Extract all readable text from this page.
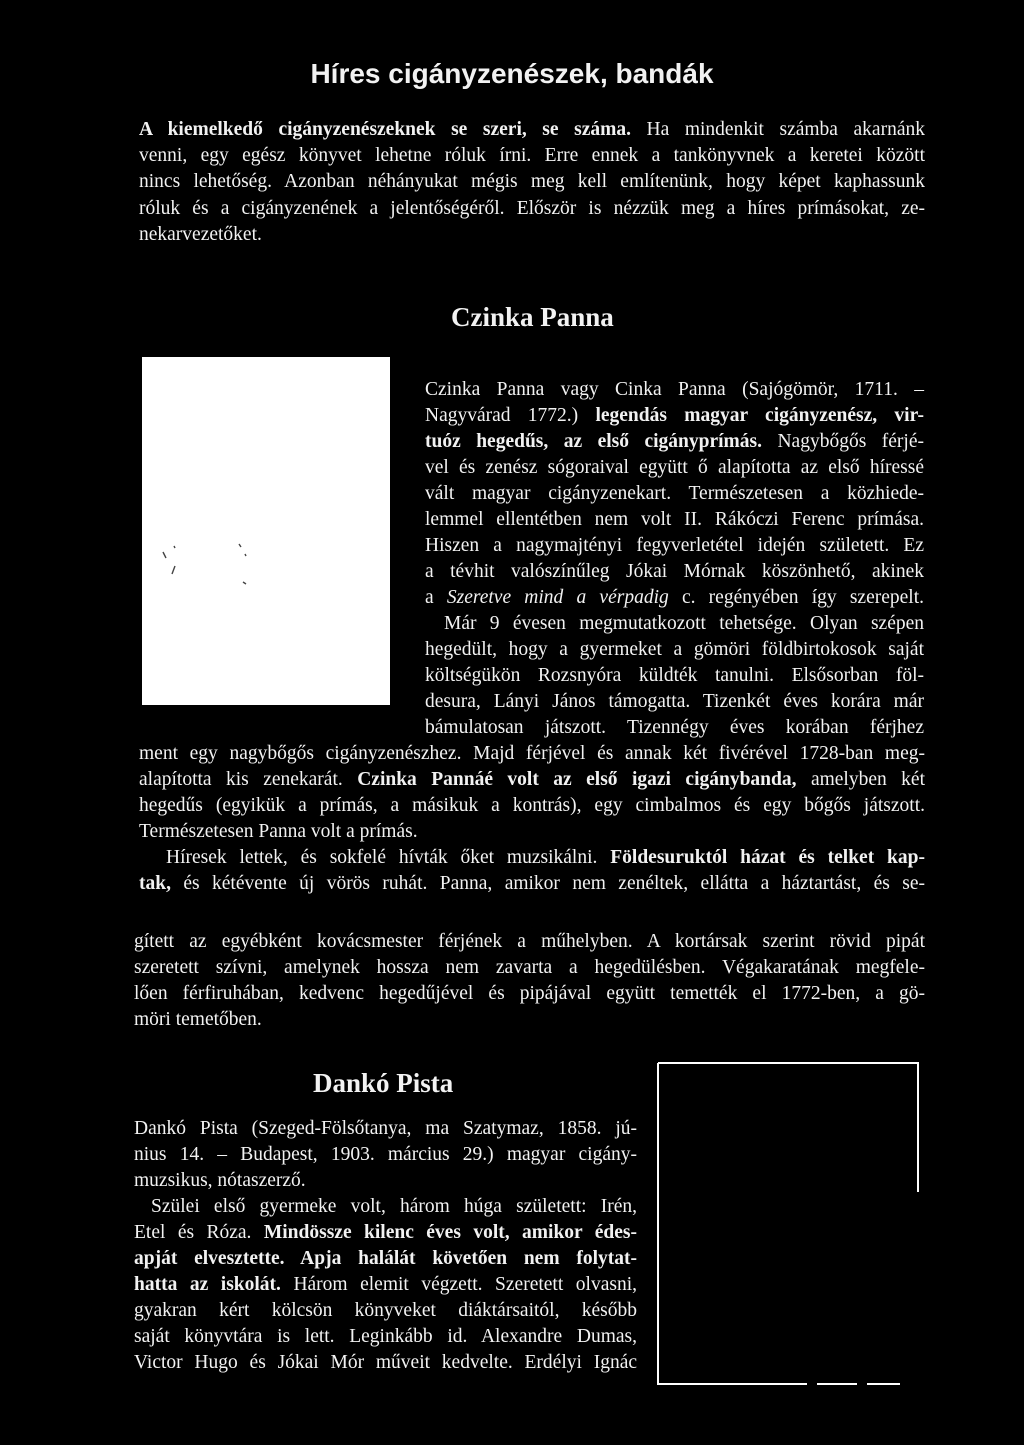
Híres cigányzenészek, bandák
A kiemelkedő cigányzenészeknek se szeri, se száma. Ha mindenkit számba akarnánk
venni, egy egész könyvet lehetne róluk írni. Erre ennek a tankönyvnek a keretei között
nincs lehetőség. Azonban néhányukat mégis meg kell említenünk, hogy képet kaphassunk
róluk és a cigányzenének a jelentőségéről. Először is nézzük meg a híres prímásokat, ze-
nekarvezetőket.
Czinka Panna
Czinka Panna vagy Cinka Panna (Sajógömör, 1711. –
Nagyvárad 1772.) legendás magyar cigányzenész, vir-
tuóz hegedűs, az első cigányprímás. Nagybőgős férjé-
vel és zenész sógoraival együtt ő alapította az első híressé
vált magyar cigányzenekart. Természetesen a közhiede-
lemmel ellentétben nem volt II. Rákóczi Ferenc prímása.
Hiszen a nagymajtényi fegyverletétel idején született. Ez
a tévhit valószínűleg Jókai Mórnak köszönhető, akinek
a Szeretve mind a vérpadig c. regényében így szerepelt.
Már 9 évesen megmutatkozott tehetsége. Olyan szépen
hegedült, hogy a gyermeket a gömöri földbirtokosok saját
költségükön Rozsnyóra küldték tanulni. Elsősorban föl-
desura, Lányi János támogatta. Tizenkét éves korára már
bámulatosan játszott. Tizennégy éves korában férjhez
ment egy nagybőgős cigányzenészhez. Majd férjével és annak két fivérével 1728-ban meg-
alapította kis zenekarát. Czinka Pannáé volt az első igazi cigánybanda, amelyben két
hegedűs (egyikük a prímás, a másikuk a kontrás), egy cimbalmos és egy bőgős játszott.
Természetesen Panna volt a prímás.
Híresek lettek, és sokfelé hívták őket muzsikálni. Földesuruktól házat és telket kap-
tak, és kétévente új vörös ruhát. Panna, amikor nem zenéltek, ellátta a háztartást, és se-
gített az egyébként kovácsmester férjének a műhelyben. A kortársak szerint rövid pipát
szeretett szívni, amelynek hossza nem zavarta a hegedülésben. Végakaratának megfele-
lően férfiruhában, kedvenc hegedűjével és pipájával együtt temették el 1772-ben, a gö-
möri temetőben.
Dankó Pista
Dankó Pista (Szeged-Fölsőtanya, ma Szatymaz, 1858. jú-
nius 14. – Budapest, 1903. március 29.) magyar cigány-
muzsikus, nótaszerző.
Szülei első gyermeke volt, három húga született: Irén,
Etel és Róza. Mindössze kilenc éves volt, amikor édes-
apját elvesztette. Apja halálát követően nem folytat-
hatta az iskolát. Három elemit végzett. Szeretett olvasni,
gyakran kért kölcsön könyveket diáktársaitól, később
saját könyvtára is lett. Leginkább id. Alexandre Dumas,
Victor Hugo és Jókai Mór műveit kedvelte. Erdélyi Ignác
